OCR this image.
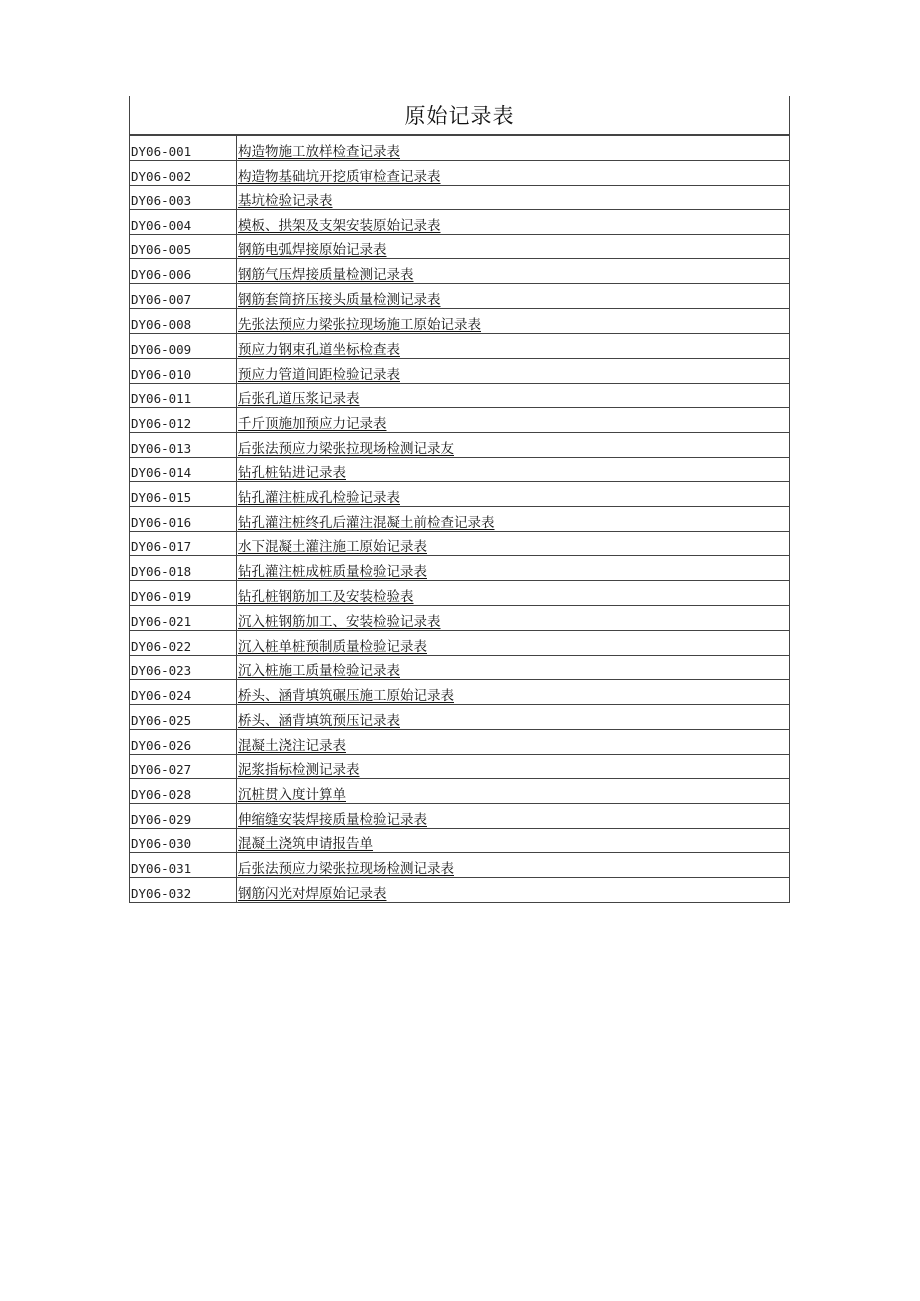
原始记录表
DY06-001	构造物施工放样检查记录表
DY06-002	构造物基础坑开挖质审检查记录表
DY06-003	基坑检验记录表
DY06-004	模板、拱架及支架安装原始记录表
DY06-005	钢筋电弧焊接原始记录表
DY06-006	钢筋气压焊接质量检测记录表
DY06-007	钢筋套筒挤压接头质量检测记录表
DY06-008	先张法预应力梁张拉现场施工原始记录表
DY06-009	预应力钢束孔道坐标检查表
DY06-010	预应力管道间距检验记录表
DY06-011	后张孔道压浆记录表
DY06-012	千斤顶施加预应力记录表
DY06-013	后张法预应力梁张拉现场检测记录友
DY06-014	钻孔桩钻进记录表
DY06-015	钻孔灌注桩成孔检验记录表
DY06-016	钻孔灌注桩终孔后灌注混凝土前检查记录表
DY06-017	水下混凝土灌注施工原始记录表
DY06-018	钻孔灌注桩成桩质量检验记录表
DY06-019	钻孔桩钢筋加工及安装检验表
DY06-021	沉入桩钢筋加工、安装检验记录表
DY06-022	沉入桩单桩预制质量检验记录表
DY06-023	沉入桩施工质量检验记录表
DY06-024	桥头、涵背填筑碾压施工原始记录表
DY06-025	桥头、涵背填筑预压记录表
DY06-026	混凝土浇注记录表
DY06-027	泥浆指标检测记录表
DY06-028	沉桩贯入度计算单
DY06-029	伸缩缝安装焊接质量检验记录表
DY06-030	混凝土浇筑申请报告单
DY06-031	后张法预应力梁张拉现场检测记录表
DY06-032	钢筋闪光对焊原始记录表
